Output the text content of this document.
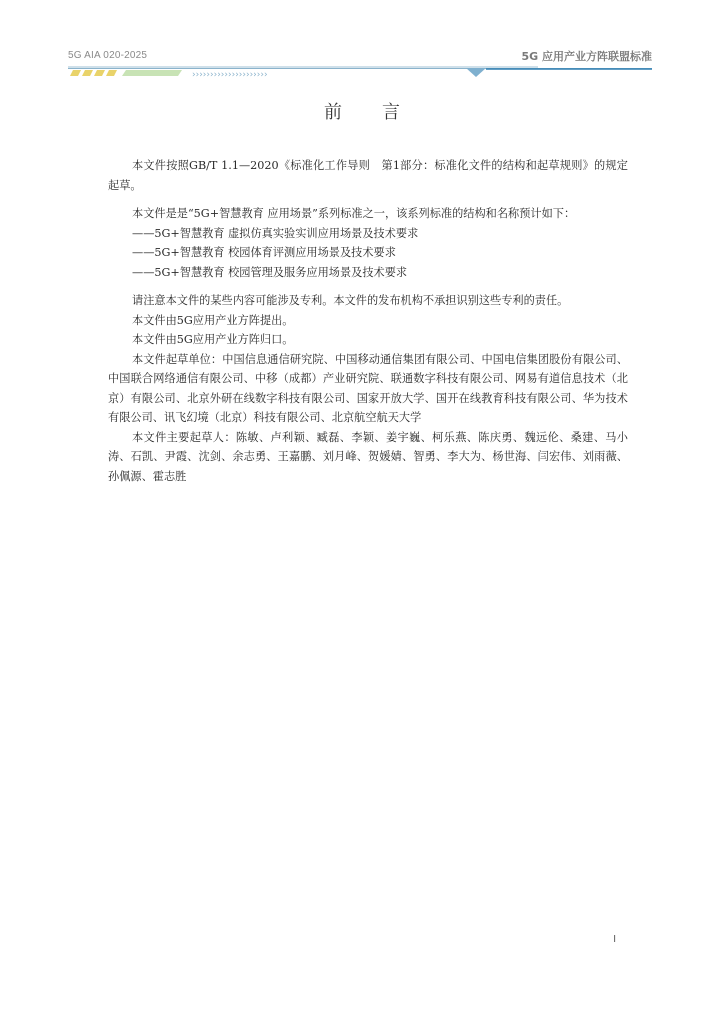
5G AIA 020-2025	5G 应用产业方阵联盟标准
›››››››››››››››››››››
前 言

本文件按照GB/T 1.1—2020《标准化工作导则　第1部分：标准化文件的结构和起草规则》的规定起草。

本文件是是“5G+智慧教育 应用场景”系列标准之一，该系列标准的结构和名称预计如下：

——5G+智慧教育 虚拟仿真实验实训应用场景及技术要求

——5G+智慧教育 校园体育评测应用场景及技术要求

——5G+智慧教育 校园管理及服务应用场景及技术要求

请注意本文件的某些内容可能涉及专利。本文件的发布机构不承担识别这些专利的责任。

本文件由5G应用产业方阵提出。

本文件由5G应用产业方阵归口。

本文件起草单位：中国信息通信研究院、中国移动通信集团有限公司、中国电信集团股份有限公司、中国联合网络通信有限公司、中移（成都）产业研究院、联通数字科技有限公司、网易有道信息技术（北京）有限公司、北京外研在线数字科技有限公司、国家开放大学、国开在线教育科技有限公司、华为技术有限公司、讯飞幻境（北京）科技有限公司、北京航空航天大学

本文件主要起草人：陈敏、卢利颖、臧磊、李颖、姜宇巍、柯乐燕、陈庆勇、魏远伦、桑建、马小涛、石凯、尹霞、沈剑、余志勇、王嘉鹏、刘月峰、贺媛婧、智勇、李大为、杨世海、闫宏伟、刘雨薇、孙佩源、霍志胜

I
